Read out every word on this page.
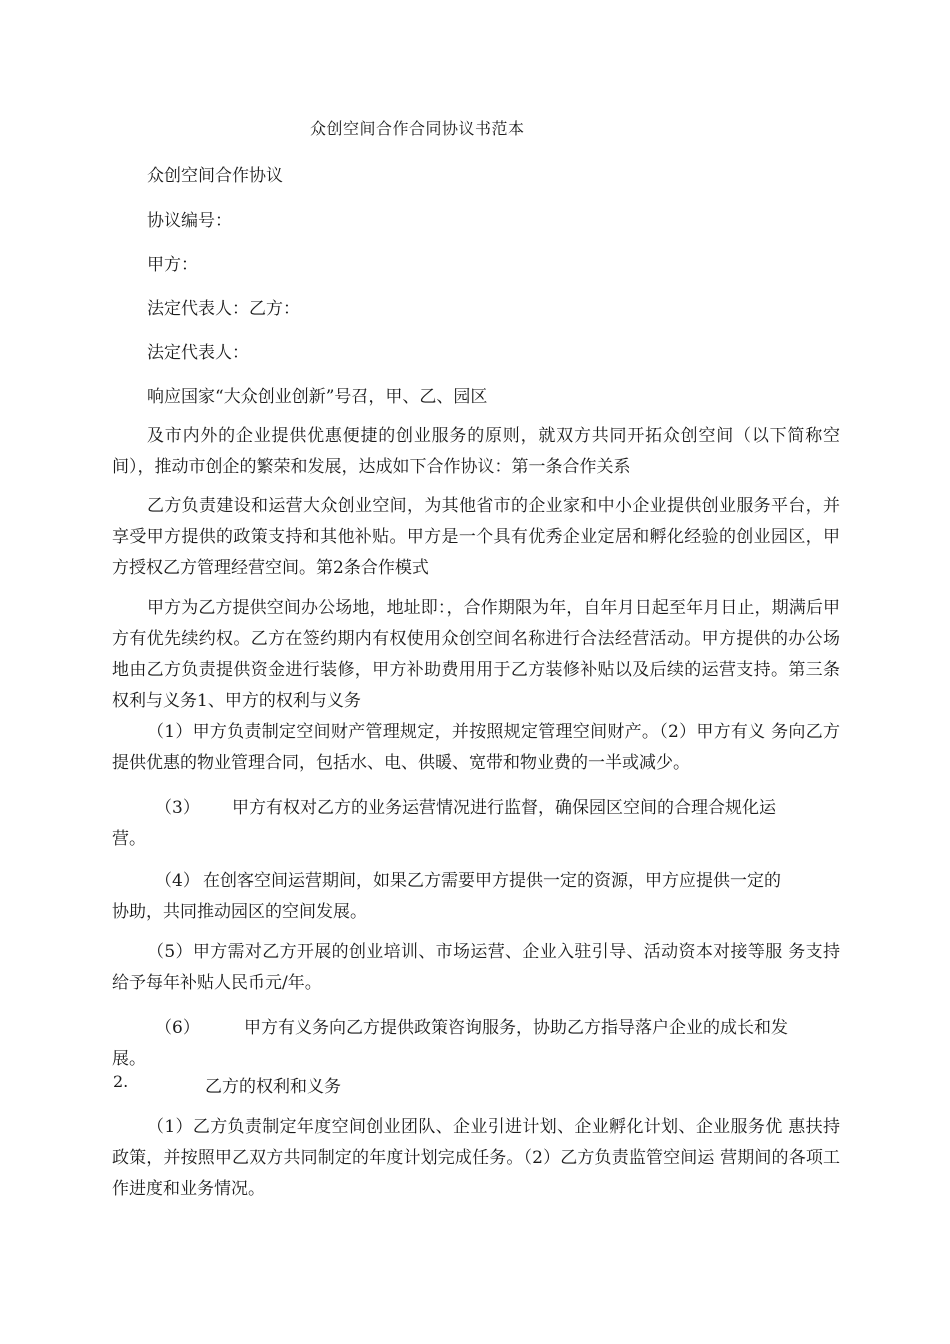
众创空间合作合同协议书范本
众创空间合作协议
协议编号：
甲方：
法定代表人：乙方：
法定代表人：
响应国家“大众创业创新”号召，甲、乙、园区
及市内外的企业提供优惠便捷的创业服务的原则，就双方共同开拓众创空间（以下简称空间），推动市创企的繁荣和发展，达成如下合作协议：第一条合作关系
乙方负责建设和运营大众创业空间，为其他省市的企业家和中小企业提供创业服务平台，并享受甲方提供的政策支持和其他补贴。甲方是一个具有优秀企业定居和孵化经验的创业园区，甲方授权乙方管理经营空间。第2条合作模式
甲方为乙方提供空间办公场地，地址即：，合作期限为年，自年月日起至年月日止，期满后甲方有优先续约权。乙方在签约期内有权使用众创空间名称进行合法经营活动。甲方提供的办公场地由乙方负责提供资金进行装修，甲方补助费用用于乙方装修补贴以及后续的运营支持。第三条权利与义务1、甲方的权利与义务
（1）甲方负责制定空间财产管理规定，并按照规定管理空间财产。（2）甲方有义 务向乙方提供优惠的物业管理合同，包括水、电、供暖、宽带和物业费的一半或减少。
（3） 甲方有权对乙方的业务运营情况进行监督，确保园区空间的合理合规化运
营。
（4） 在创客空间运营期间，如果乙方需要甲方提供一定的资源，甲方应提供一定的
协助，共同推动园区的空间发展。
（5）甲方需对乙方开展的创业培训、市场运营、企业入驻引导、活动资本对接等服 务支持给予每年补贴人民币元/年。
（6）	甲方有义务向乙方提供政策咨询服务，协助乙方指导落户企业的成长和发
展。
2.	乙方的权利和义务
（1）乙方负责制定年度空间创业团队、企业引进计划、企业孵化计划、企业服务优 惠扶持政策，并按照甲乙双方共同制定的年度计划完成任务。（2）乙方负责监管空间运 营期间的各项工作进度和业务情况。
